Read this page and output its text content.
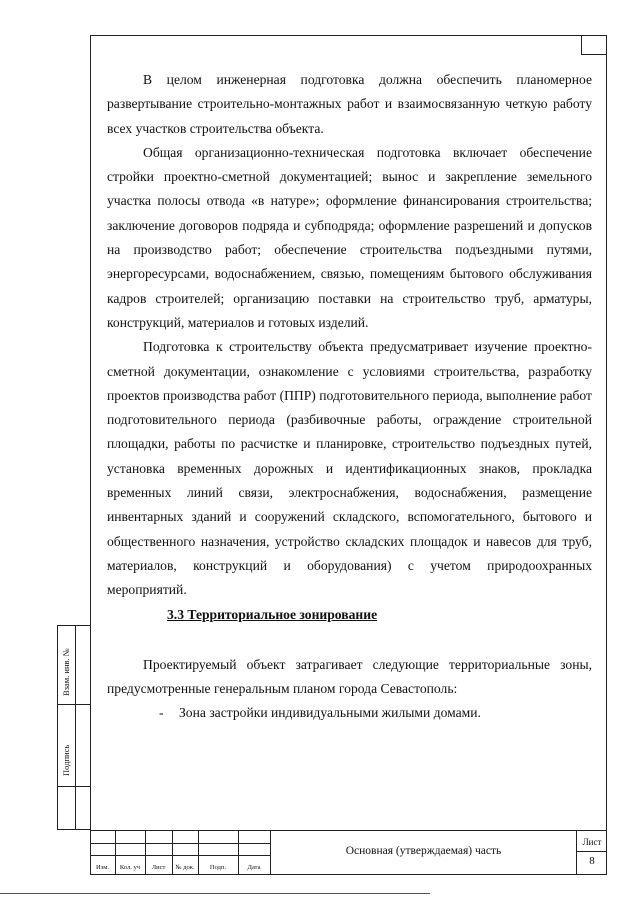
В целом инженерная подготовка должна обеспечить планомерное развертывание строительно-монтажных работ и взаимосвязанную четкую работу всех участков строительства объекта.

Общая организационно-техническая подготовка включает обеспечение стройки проектно-сметной документацией; вынос и закрепление земельного участка полосы отвода «в натуре»; оформление финансирования строительства; заключение договоров подряда и субподряда; оформление разрешений и допусков на производство работ; обеспечение строительства подъездными путями, энергоресурсами, водоснабжением, связью, помещениям бытового обслуживания кадров строителей; организацию поставки на строительство труб, арматуры, конструкций, материалов и готовых изделий.

Подготовка к строительству объекта предусматривает изучение проектно-сметной документации, ознакомление с условиями строительства, разработку проектов производства работ (ППР) подготовительного периода, выполнение работ подготовительного периода (разбивочные работы, ограждение строительной площадки, работы по расчистке и планировке, строительство подъездных путей, установка временных дорожных и идентификационных знаков, прокладка временных линий связи, электроснабжения, водоснабжения, размещение инвентарных зданий и сооружений складского, вспомогательного, бытового и общественного назначения, устройство складских площадок и навесов для труб, материалов, конструкций и оборудования) с учетом природоохранных мероприятий.

3.3 Территориальное зонирование

Проектируемый объект затрагивает следующие территориальные зоны, предусмотренные генеральным планом города Севастополь:

- Зона застройки индивидуальными жилыми домами.

Взам. инв. №
Подпись
Изм.	Кол. уч	Лист	№ док.	Подп.	Дата
Основная (утверждаемая) часть
Лист
8
